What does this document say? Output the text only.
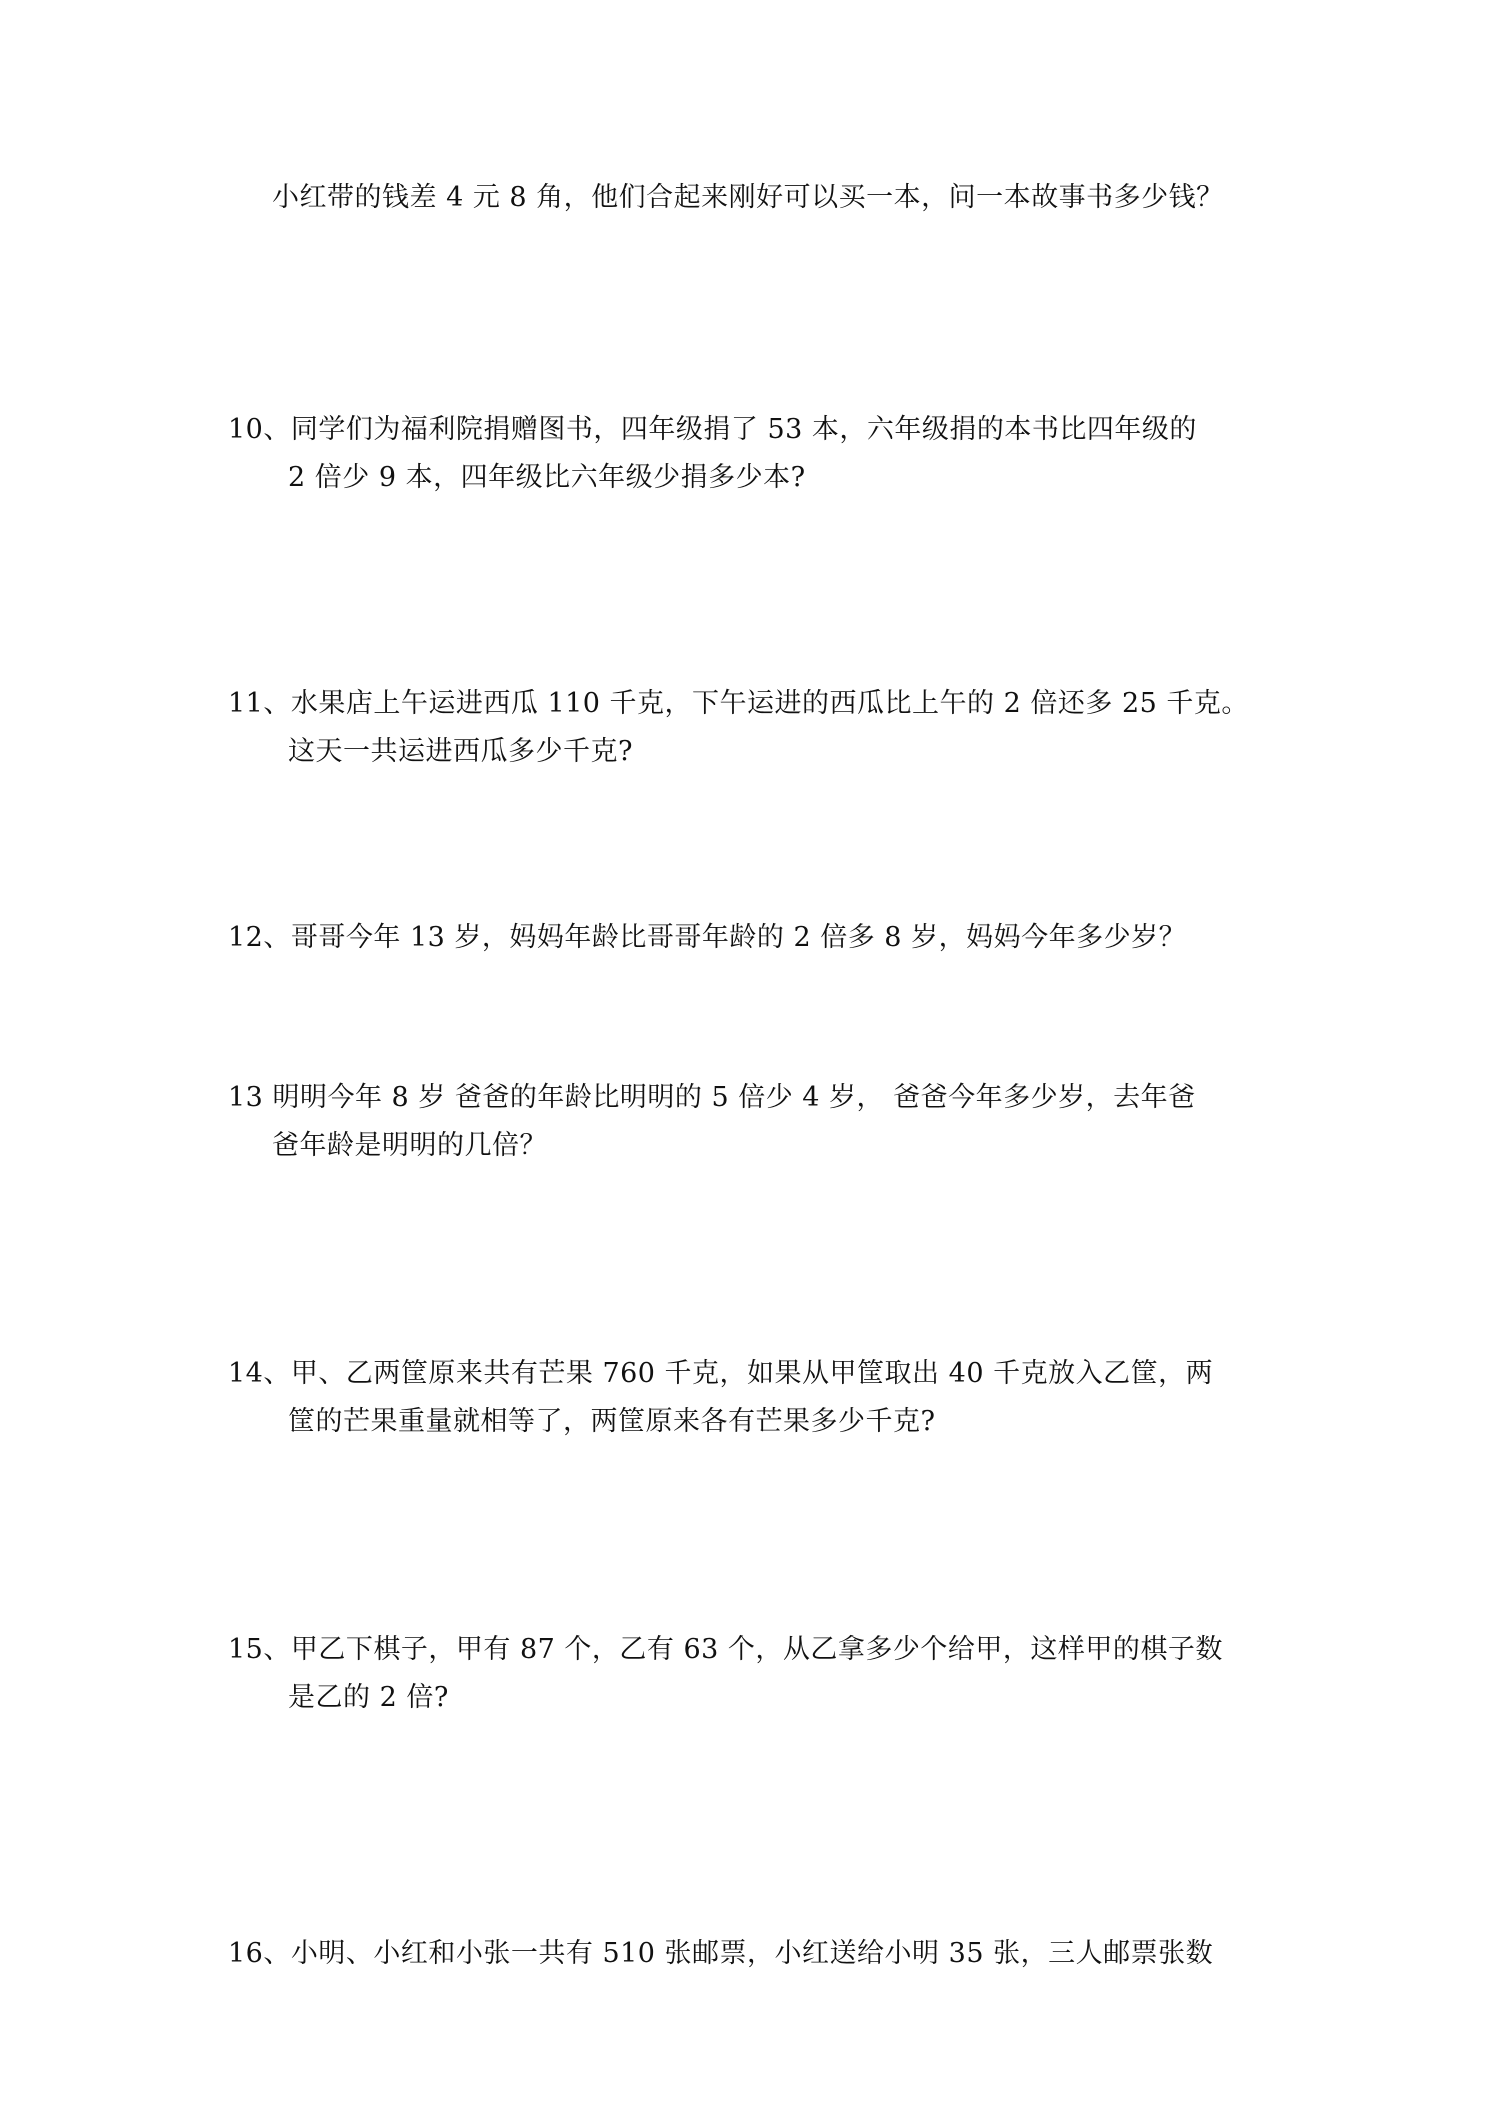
小红带的钱差 4 元 8 角，他们合起来刚好可以买一本，问一本故事书多少钱？
10、同学们为福利院捐赠图书，四年级捐了 53 本，六年级捐的本书比四年级的
2 倍少 9 本，四年级比六年级少捐多少本?
11、水果店上午运进西瓜 110 千克，下午运进的西瓜比上午的 2 倍还多 25 千克。
这天一共运进西瓜多少千克?
12、哥哥今年 13 岁，妈妈年龄比哥哥年龄的 2 倍多 8 岁，妈妈今年多少岁？
13 明明今年 8 岁 爸爸的年龄比明明的 5 倍少 4 岁， 爸爸今年多少岁，去年爸
爸年龄是明明的几倍？
14、甲、乙两筐原来共有芒果 760 千克，如果从甲筐取出 40 千克放入乙筐，两
筐的芒果重量就相等了，两筐原来各有芒果多少千克?
15、甲乙下棋子，甲有 87 个，乙有 63 个，从乙拿多少个给甲，这样甲的棋子数
是乙的 2 倍?
16、小明、小红和小张一共有 510 张邮票，小红送给小明 35 张，三人邮票张数
